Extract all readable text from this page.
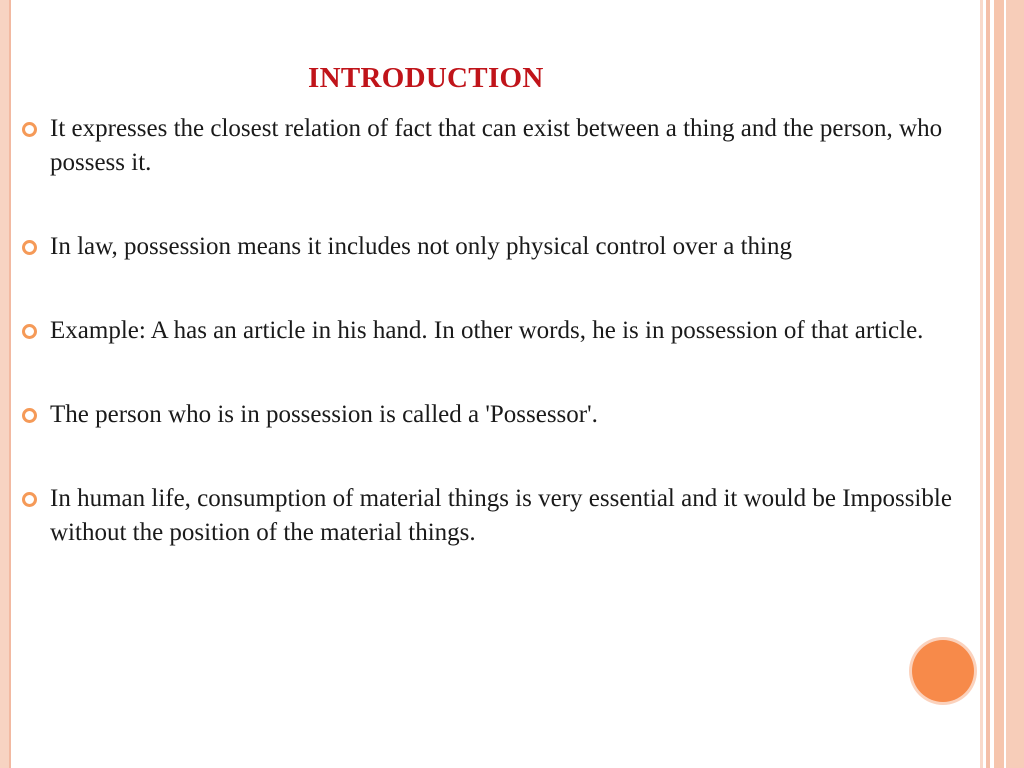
INTRODUCTION
It expresses the closest relation of fact that can exist between a thing and the person, who possess it.
In law, possession means it includes not only physical control over a thing
Example: A has an article in his hand. In other words, he is in possession of that article.
The person who is in possession is called a 'Possessor'.
In human life, consumption of material things is very essential and it would be Impossible without the position of the material things.
